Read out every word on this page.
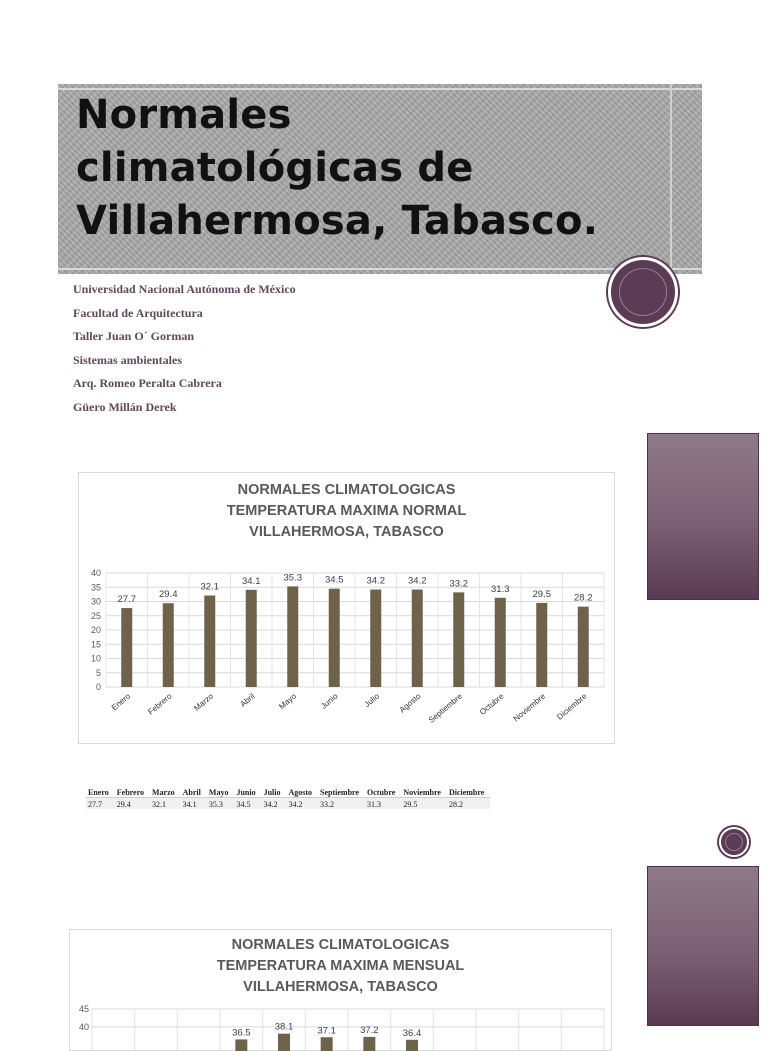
Normales
climatológicas de
Villahermosa, Tabasco.
Universidad Nacional Autónoma de México
Facultad de Arquitectura
Taller Juan O´ Gorman
Sistemas ambientales
Arq. Romeo Peralta Cabrera
Güero Millán Derek
NORMALES CLIMATOLOGICAS
TEMPERATURA MAXIMA NORMAL
VILLAHERMOSA, TABASCO
0
5
10
15
20
25
30
35
40
27.7
Enero
29.4
Febrero
32.1
Marzo
34.1
Abril
35.3
Mayo
34.5
Junio
34.2
Julio
34.2
Agosto
33.2
Septiembre
31.3
Octubre
29.5
Noviembre
28.2
Diciembre
Enero	Febrero	Marzo	Abril	Mayo	Junio	Julio	Agosto	Septiembre	Octubre	Noviembre	Diciembre
27.7	29.4	32.1	34.1	35.3	34.5	34.2	34.2	33.2	31.3	29.5	28.2
NORMALES CLIMATOLOGICAS
TEMPERATURA MAXIMA MENSUAL
VILLAHERMOSA, TABASCO
40
45
36.5
38.1	37.1	37.2	36.4
